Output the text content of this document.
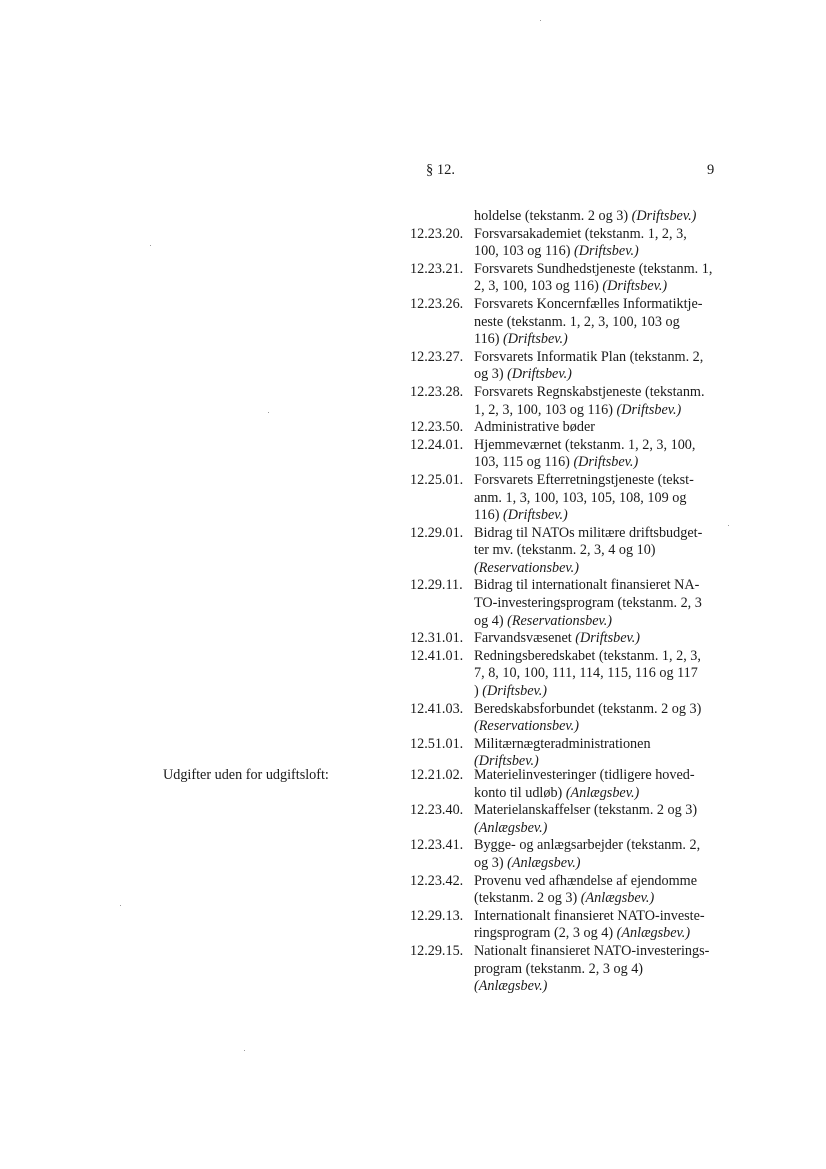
§ 12.	9
holdelse (tekstanm. 2 og 3) (Driftsbev.)
12.23.20. Forsvarsakademiet (tekstanm. 1, 2, 3,
100, 103 og 116) (Driftsbev.)
12.23.21. Forsvarets Sundhedstjeneste (tekstanm. 1,
2, 3, 100, 103 og 116) (Driftsbev.)
12.23.26. Forsvarets Koncernfælles Informatiktje-
neste (tekstanm. 1, 2, 3, 100, 103 og
116) (Driftsbev.)
12.23.27. Forsvarets Informatik Plan (tekstanm. 2,
og 3) (Driftsbev.)
12.23.28. Forsvarets Regnskabstjeneste (tekstanm.
1, 2, 3, 100, 103 og 116) (Driftsbev.)
12.23.50. Administrative bøder
12.24.01. Hjemmeværnet (tekstanm. 1, 2, 3, 100,
103, 115 og 116) (Driftsbev.)
12.25.01. Forsvarets Efterretningstjeneste (tekst-
anm. 1, 3, 100, 103, 105, 108, 109 og
116) (Driftsbev.)
12.29.01. Bidrag til NATOs militære driftsbudget-
ter mv. (tekstanm. 2, 3, 4 og 10)
(Reservationsbev.)
12.29.11. Bidrag til internationalt finansieret NA-
TO-investeringsprogram (tekstanm. 2, 3
og 4) (Reservationsbev.)
12.31.01. Farvandsvæsenet (Driftsbev.)
12.41.01. Redningsberedskabet (tekstanm. 1, 2, 3,
7, 8, 10, 100, 111, 114, 115, 116 og 117
) (Driftsbev.)
12.41.03. Beredskabsforbundet (tekstanm. 2 og 3)
(Reservationsbev.)
12.51.01. Militærnægteradministrationen
(Driftsbev.)
Udgifter uden for udgiftsloft:	12.21.02. Materielinvesteringer (tidligere hoved-
konto til udløb) (Anlægsbev.)
12.23.40. Materielanskaffelser (tekstanm. 2 og 3)
(Anlægsbev.)
12.23.41. Bygge- og anlægsarbejder (tekstanm. 2,
og 3) (Anlægsbev.)
12.23.42. Provenu ved afhændelse af ejendomme
(tekstanm. 2 og 3) (Anlægsbev.)
12.29.13. Internationalt finansieret NATO-investe-
ringsprogram (2, 3 og 4) (Anlægsbev.)
12.29.15. Nationalt finansieret NATO-investerings-
program (tekstanm. 2, 3 og 4)
(Anlægsbev.)
